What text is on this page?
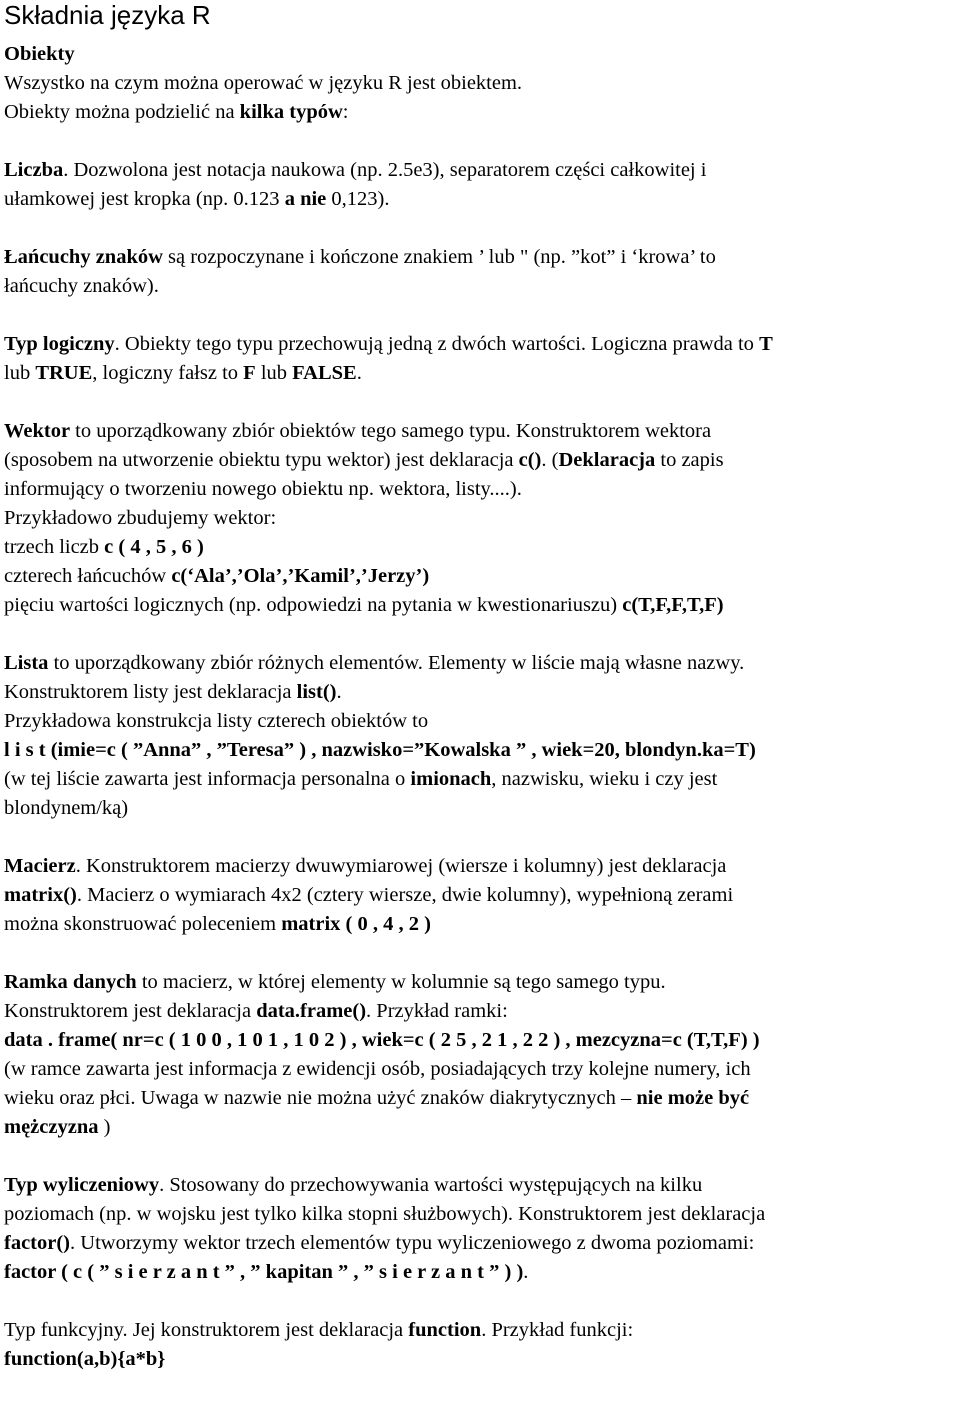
Składnia języka R
Obiekty
Wszystko na czym można operować w języku R jest obiektem.
Obiekty można podzielić na kilka typów:
Liczba. Dozwolona jest notacja naukowa (np. 2.5e3), separatorem części całkowitej i
ułamkowej jest kropka (np. 0.123 a nie 0,123).
Łańcuchy znaków są rozpoczynane i kończone znakiem ’ lub " (np. ”kot” i ‘krowa’ to
łańcuchy znaków).
Typ logiczny. Obiekty tego typu przechowują jedną z dwóch wartości. Logiczna prawda to T
lub TRUE, logiczny fałsz to F lub FALSE.
Wektor to uporządkowany zbiór obiektów tego samego typu. Konstruktorem wektora
(sposobem na utworzenie obiektu typu wektor) jest deklaracja c(). (Deklaracja to zapis
informujący o tworzeniu nowego obiektu np. wektora, listy....).
Przykładowo zbudujemy wektor:
trzech liczb c ( 4 , 5 , 6 )
czterech łańcuchów c(‘Ala’,’Ola’,’Kamil’,’Jerzy’)
pięciu wartości logicznych (np. odpowiedzi na pytania w kwestionariuszu) c(T,F,F,T,F)
Lista to uporządkowany zbiór różnych elementów. Elementy w liście mają własne nazwy.
Konstruktorem listy jest deklaracja list().
Przykładowa konstrukcja listy czterech obiektów to
l i s t (imie=c ( ”Anna” , ”Teresa” ) , nazwisko=”Kowalska ” , wiek=20, blondyn.ka=T)
(w tej liście zawarta jest informacja personalna o imionach, nazwisku, wieku i czy jest
blondynem/ką)
Macierz. Konstruktorem macierzy dwuwymiarowej (wiersze i kolumny) jest deklaracja
matrix(). Macierz o wymiarach 4x2 (cztery wiersze, dwie kolumny), wypełnioną zerami
można skonstruować poleceniem matrix ( 0 , 4 , 2 )
Ramka danych to macierz, w której elementy w kolumnie są tego samego typu.
Konstruktorem jest deklaracja data.frame(). Przykład ramki:
data . frame( nr=c ( 1 0 0 , 1 0 1 , 1 0 2 ) , wiek=c ( 2 5 , 2 1 , 2 2 ) , mezcyzna=c (T,T,F) )
(w ramce zawarta jest informacja z ewidencji osób, posiadających trzy kolejne numery, ich
wieku oraz płci. Uwaga w nazwie nie można użyć znaków diakrytycznych – nie może być
mężczyzna )
Typ wyliczeniowy. Stosowany do przechowywania wartości występujących na kilku
poziomach (np. w wojsku jest tylko kilka stopni służbowych). Konstruktorem jest deklaracja
factor(). Utworzymy wektor trzech elementów typu wyliczeniowego z dwoma poziomami:
factor ( c ( ” s i e r z a n t ” , ” kapitan ” , ” s i e r z a n t ” ) ).
Typ funkcyjny. Jej konstruktorem jest deklaracja function. Przykład funkcji:
function(a,b){a*b}
